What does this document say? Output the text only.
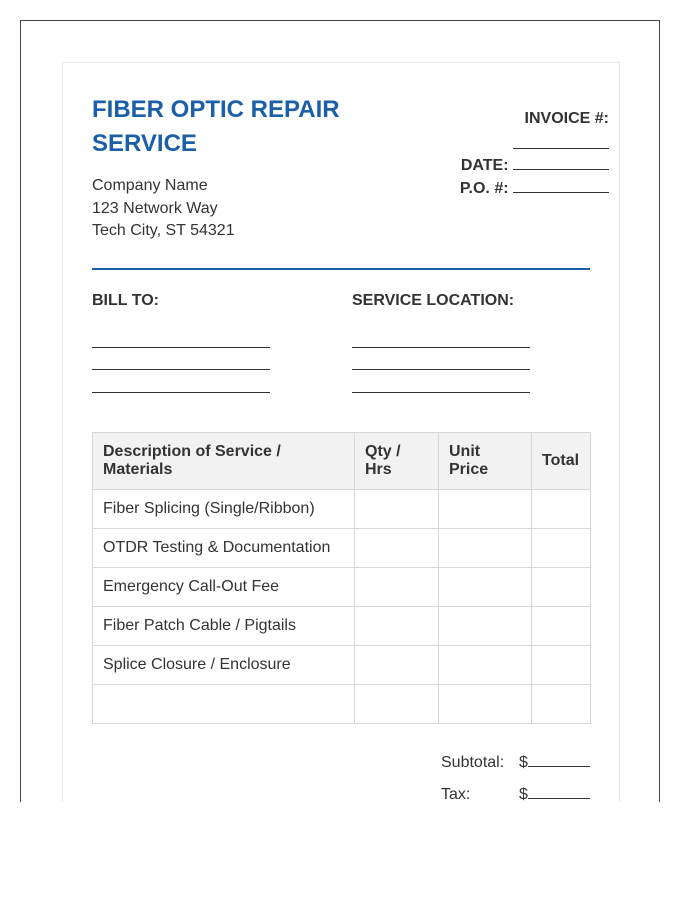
FIBER OPTIC REPAIR SERVICE
Company Name
123 Network Way
Tech City, ST 54321
INVOICE #:
DATE:
P.O. #:
BILL TO:	SERVICE LOCATION:
Description of Service / Materials	Qty / Hrs	Unit Price	Total
Fiber Splicing (Single/Ribbon)			
OTDR Testing & Documentation			
Emergency Call-Out Fee			
Fiber Patch Cable / Pigtails			
Splice Closure / Enclosure			

Subtotal: $
Tax:	$
